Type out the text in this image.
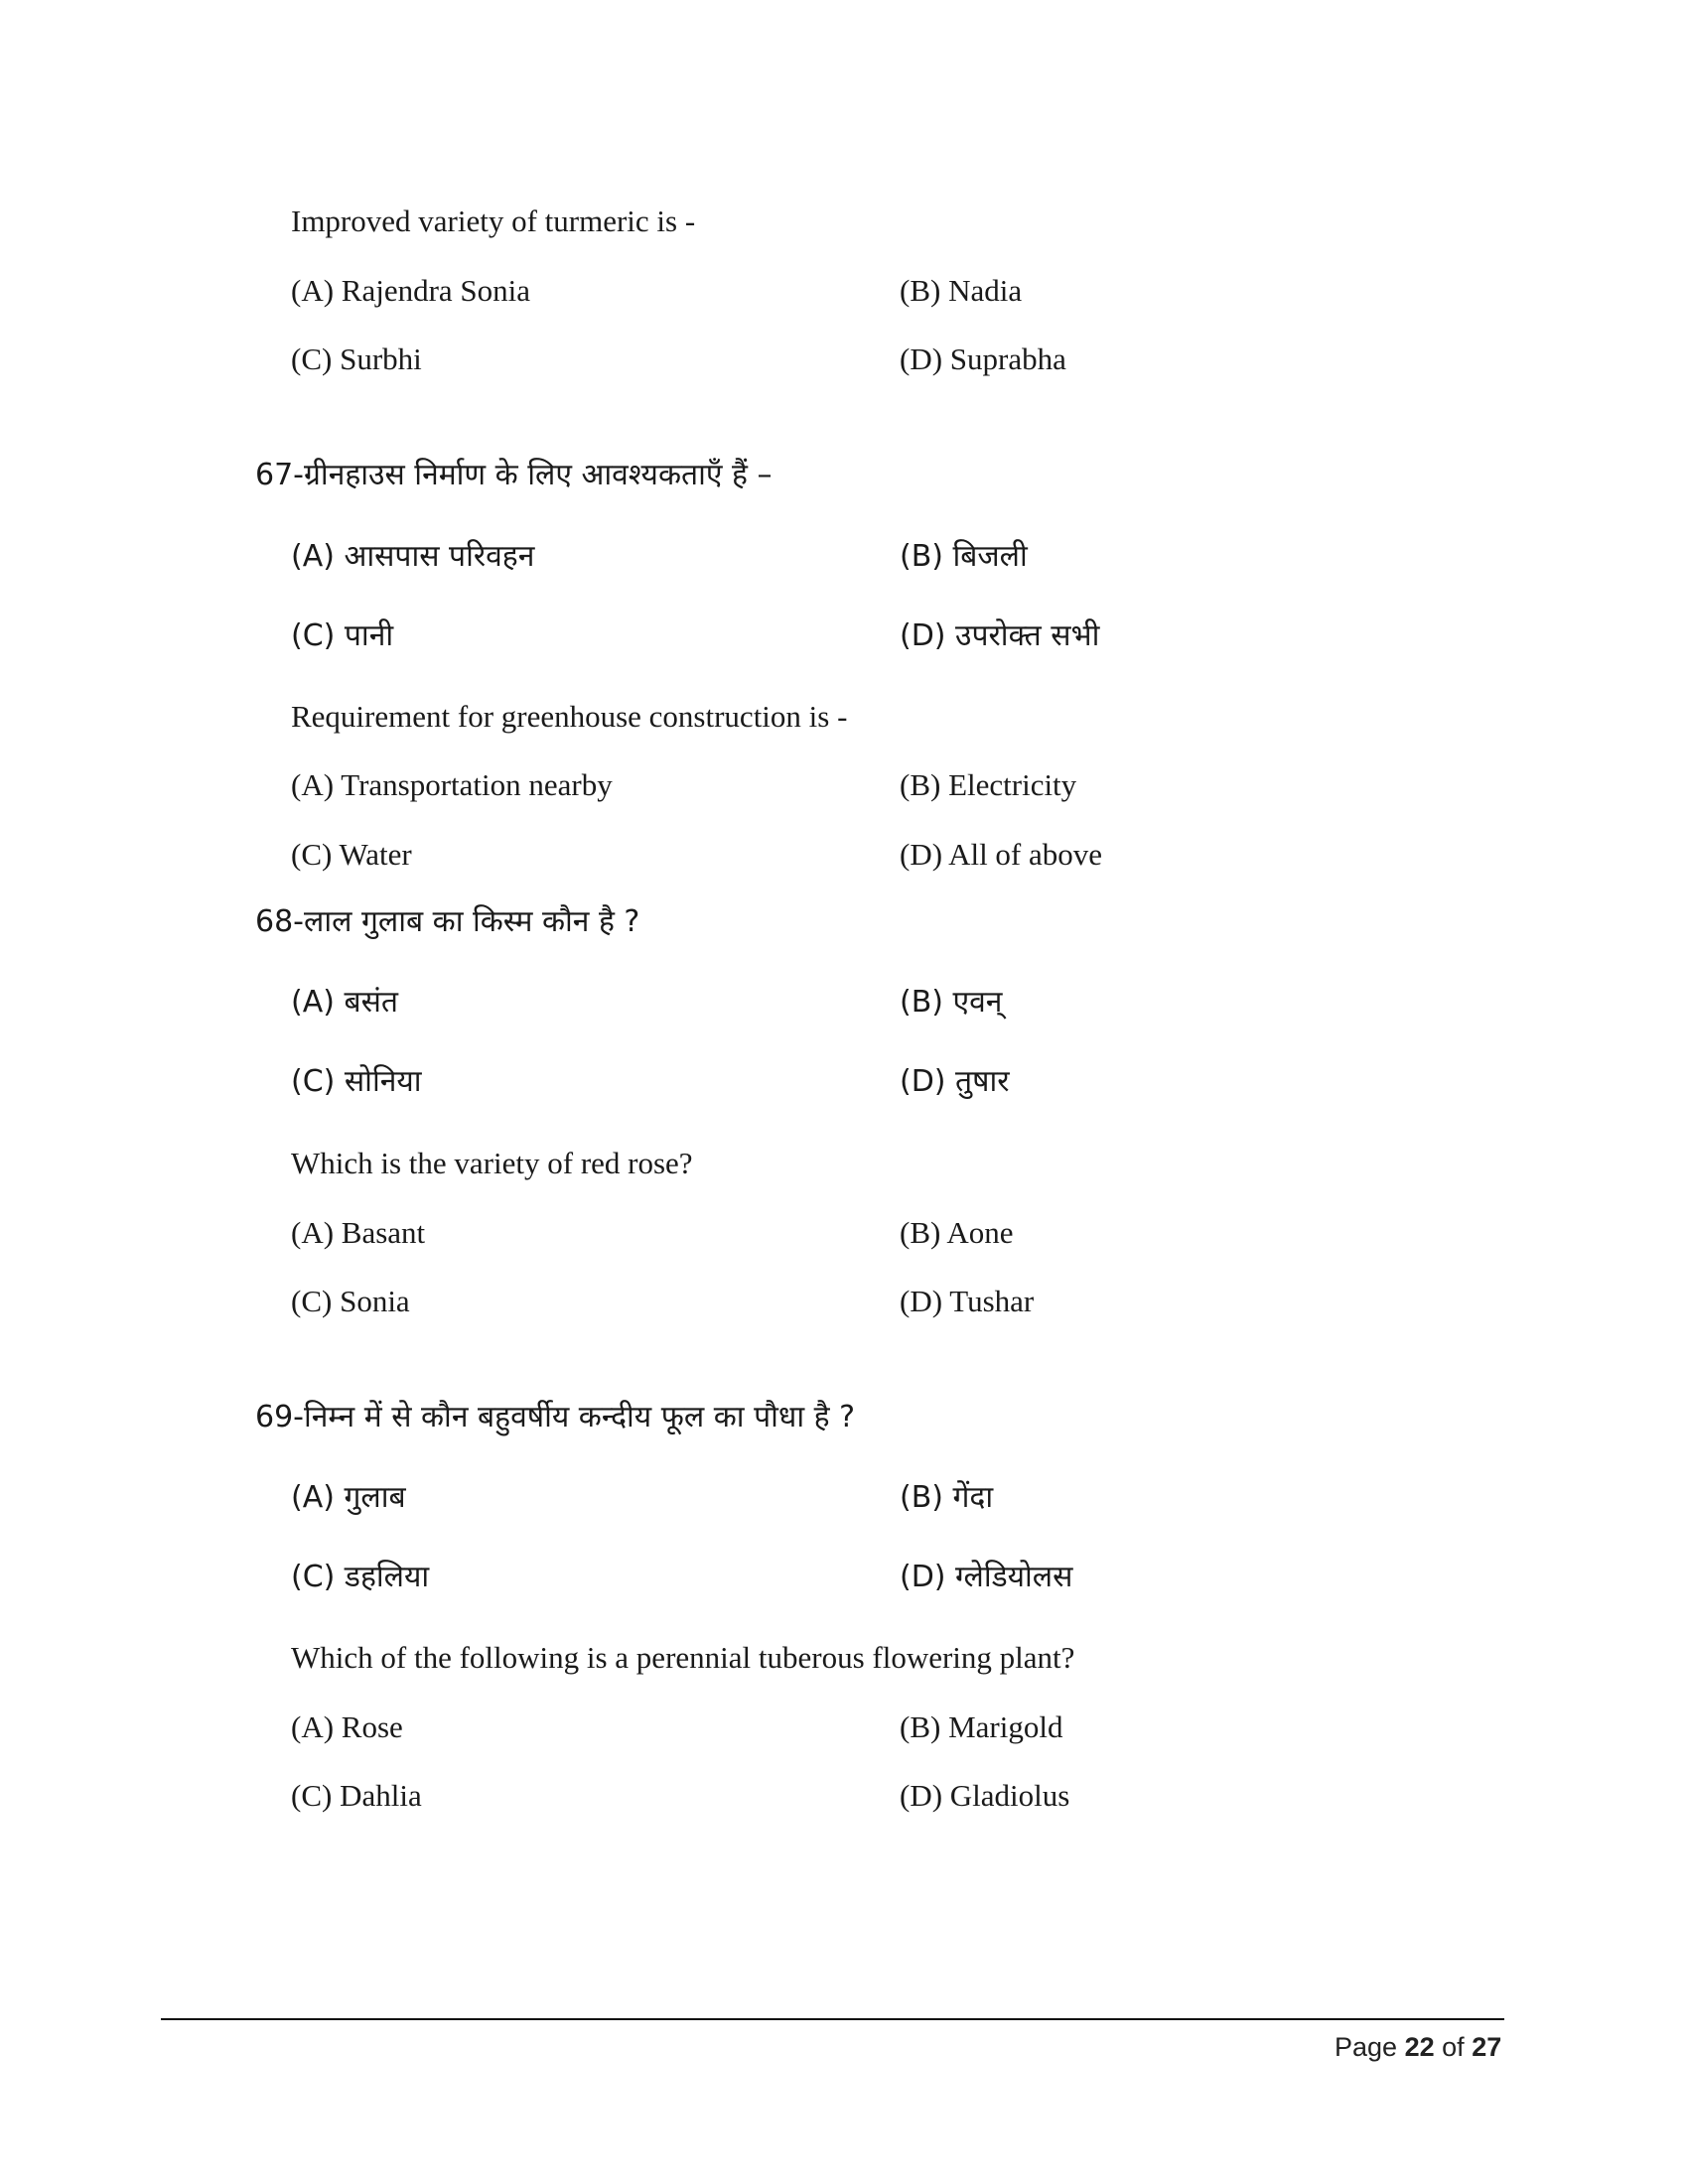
Improved variety of turmeric is -
(A) Rajendra Sonia	(B) Nadia
(C) Surbhi	(D) Suprabha
67-ग्रीनहाउस निर्माण के लिए आवश्यकताएँ हैं –
(A) आसपास परिवहन	(B) बिजली
(C) पानी	(D) उपरोक्त सभी
Requirement for greenhouse construction is -
(A) Transportation nearby	(B) Electricity
(C) Water	(D) All of above
68-लाल गुलाब का किस्म कौन है ?
(A) बसंत	(B) एवन्
(C) सोनिया	(D) तुषार
Which is the variety of red rose?
(A) Basant	(B) Aone
(C) Sonia	(D) Tushar
69-निम्न में से कौन बहुवर्षीय कन्दीय फूल का पौधा है ?
(A) गुलाब	(B) गेंदा
(C) डहलिया	(D) ग्लेडियोलस
Which of the following is a perennial tuberous flowering plant?
(A) Rose	(B) Marigold
(C) Dahlia	(D) Gladiolus
Page 22 of 27
